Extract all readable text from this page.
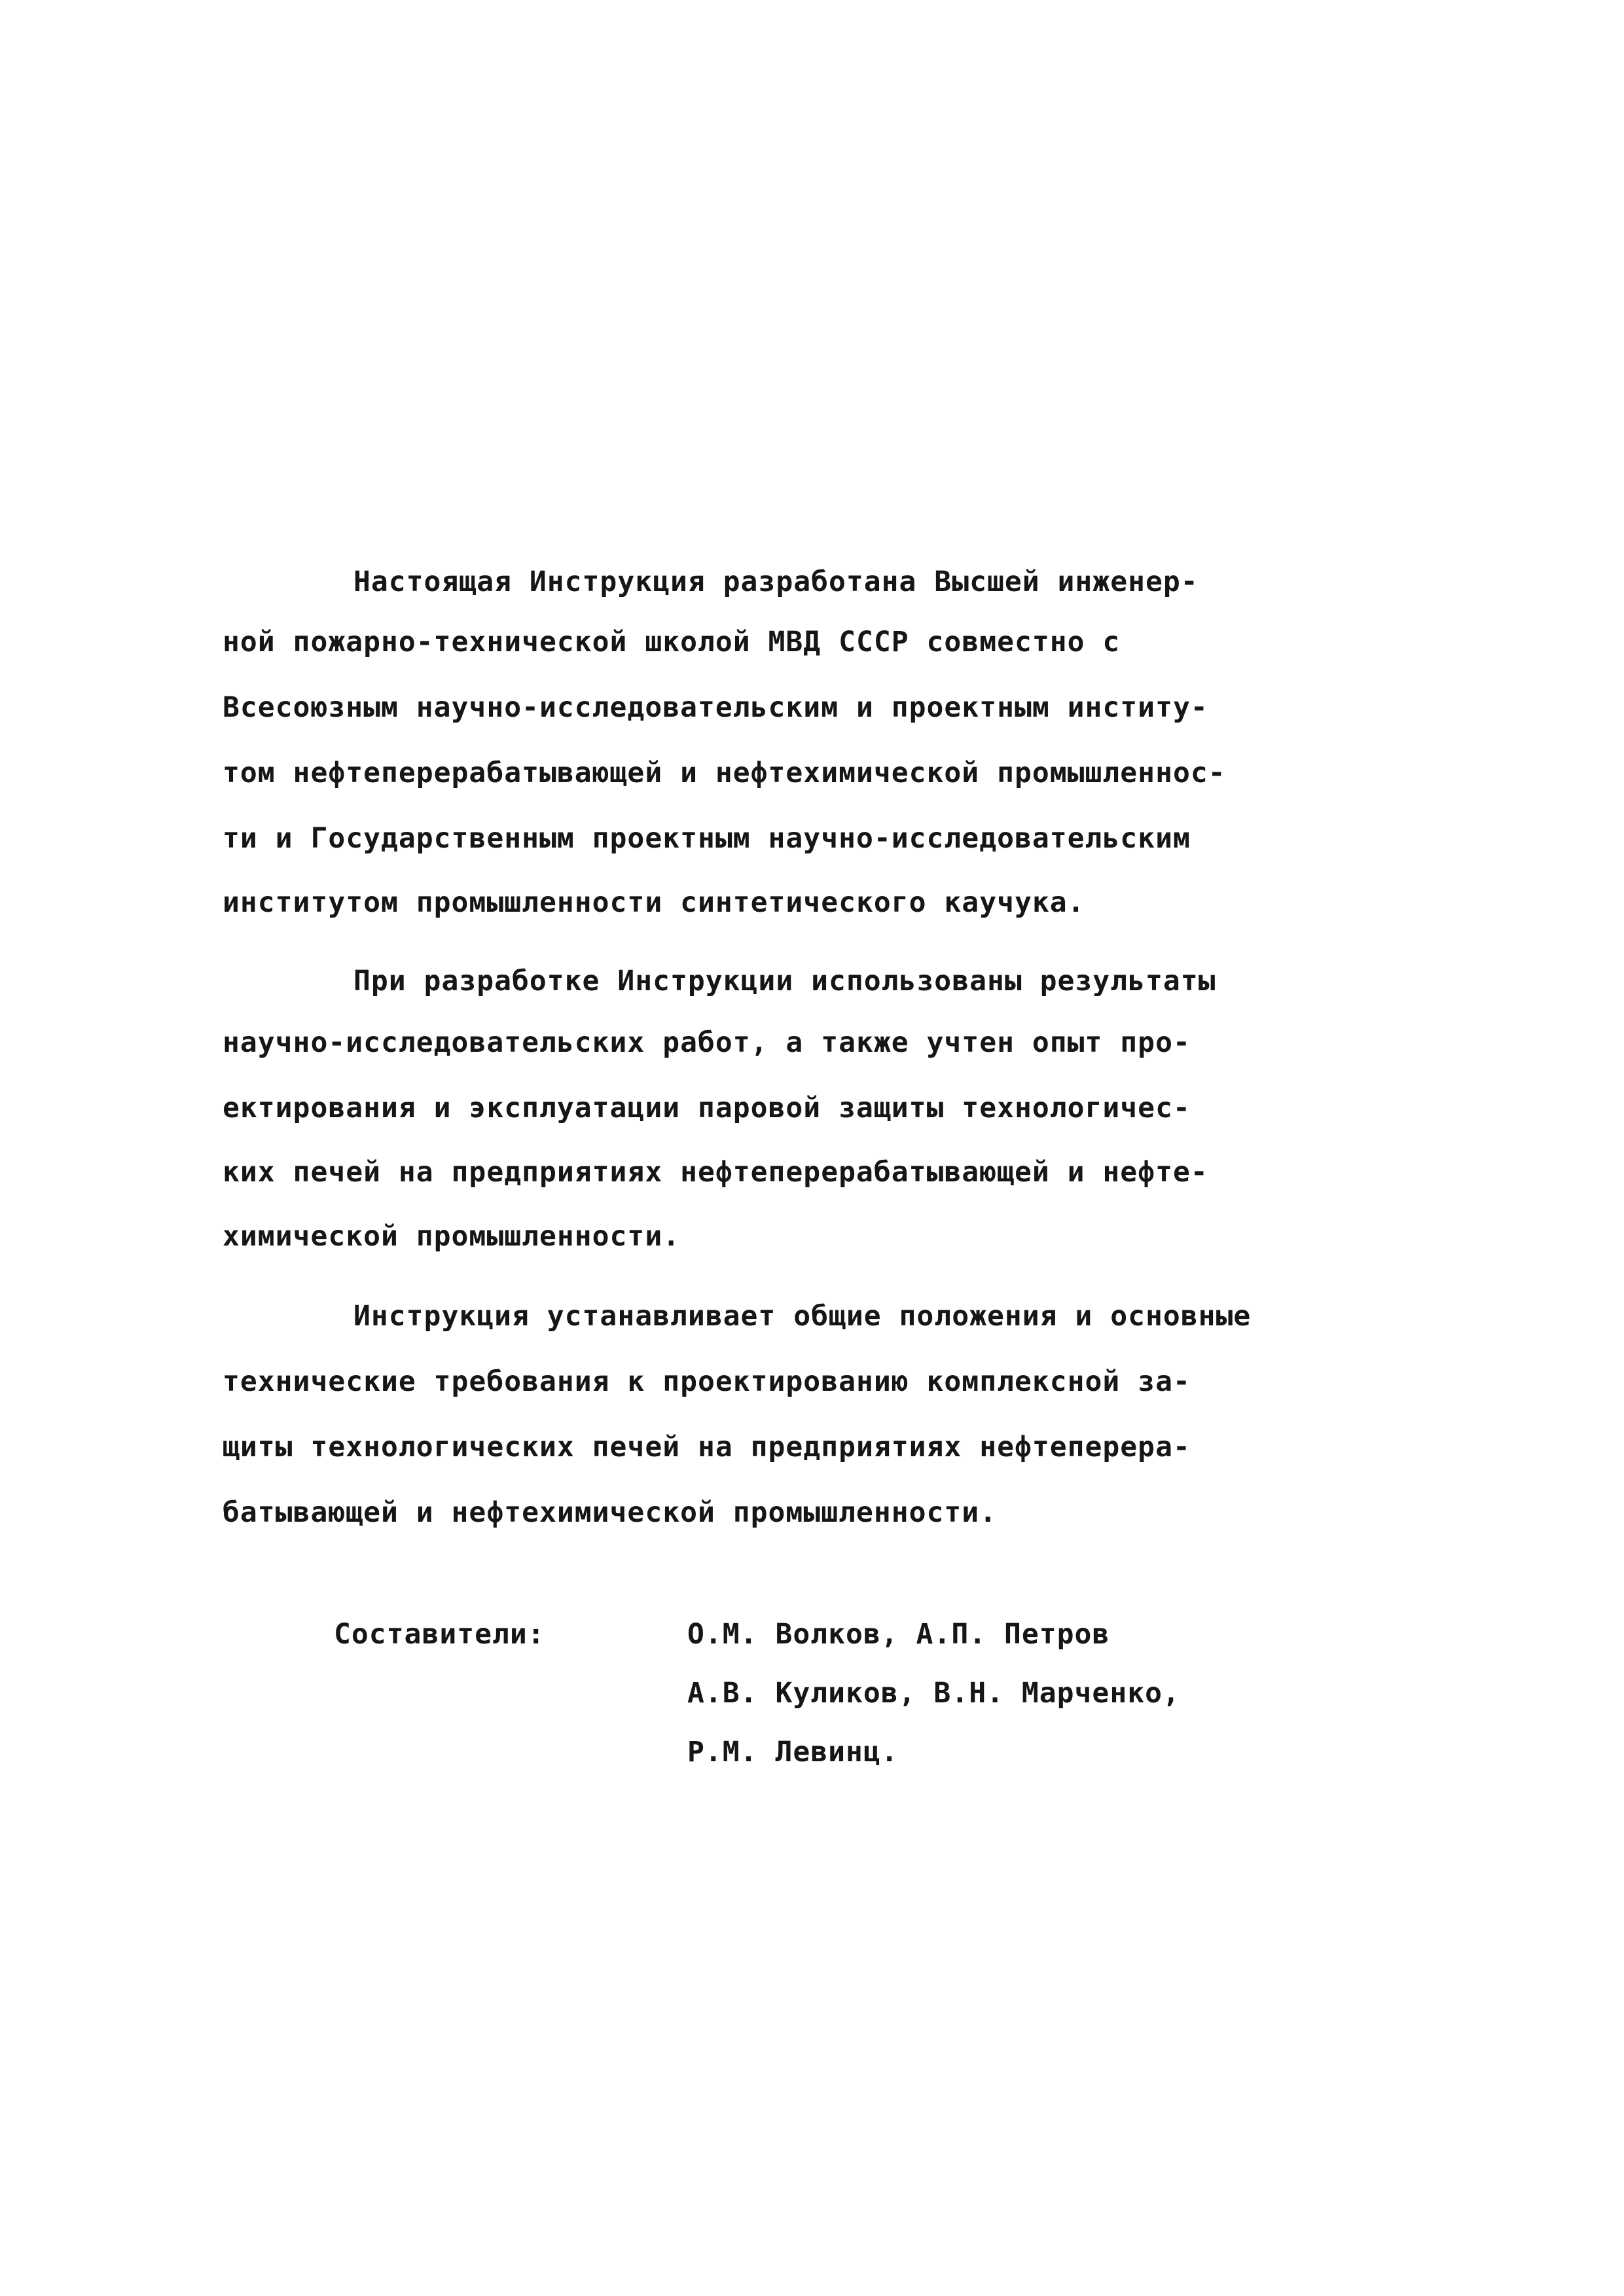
Настоящая Инструкция разработана Высшей инженер-
ной пожарно-технической школой МВД СССР совместно с
Всесоюзным научно-исследовательским и проектным институ-
том нефтеперерабатывающей и нефтехимической промышленнос-
ти и Государственным проектным научно-исследовательским
институтом промышленности синтетического каучука.
При разработке Инструкции использованы результаты
научно-исследовательских работ, а также учтен опыт про-
ектирования и эксплуатации паровой защиты технологичес-
ких печей на предприятиях нефтеперерабатывающей и нефте-
химической промышленности.
Инструкция устанавливает общие положения и основные
технические требования к проектированию комплексной за-
щиты технологических печей на предприятиях нефтеперера-
батывающей и нефтехимической промышленности.
Составители:	О.М. Волков, А.П. Петров
А.В. Куликов, В.Н. Марченко,
Р.М. Левинц.
